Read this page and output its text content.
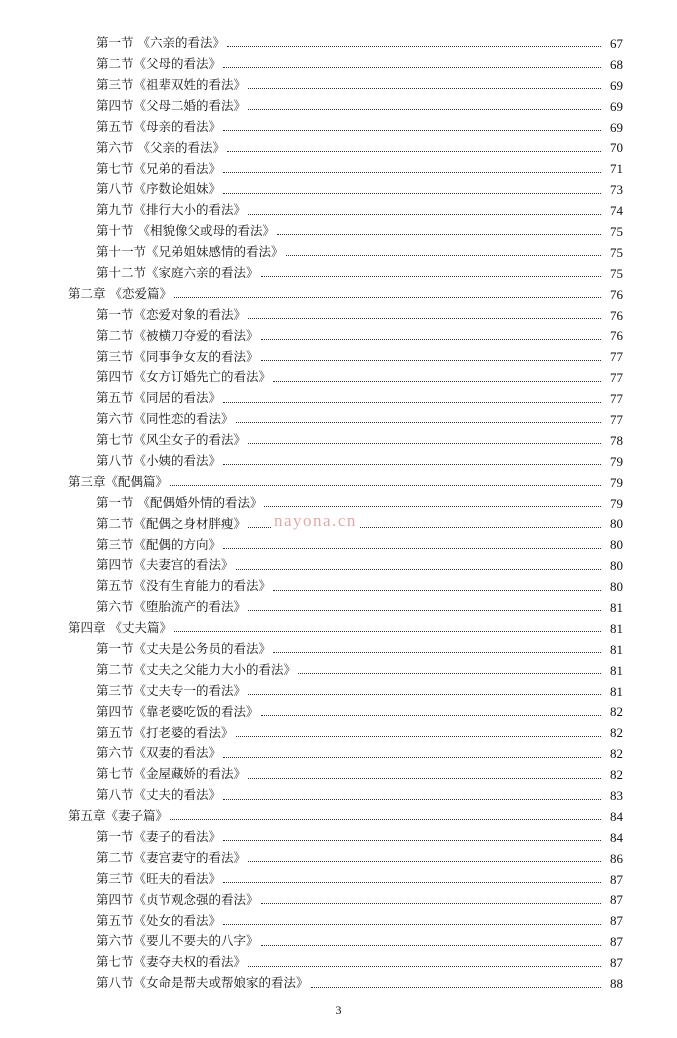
第一节 《六亲的看法》	67
第二节《父母的看法》	68
第三节《祖辈双姓的看法》	69
第四节《父母二婚的看法》	69
第五节《母亲的看法》	69
第六节 《父亲的看法》	70
第七节《兄弟的看法》	71
第八节《序数论姐妹》	73
第九节《排行大小的看法》	74
第十节 《相貌像父或母的看法》	75
第十一节《兄弟姐妹感情的看法》	75
第十二节《家庭六亲的看法》	75
第二章 《恋爱篇》	76
第一节《恋爱对象的看法》	76
第二节《被横刀夺爱的看法》	76
第三节《同事争女友的看法》	77
第四节《女方订婚先亡的看法》	77
第五节《同居的看法》	77
第六节《同性恋的看法》	77
第七节《风尘女子的看法》	78
第八节《小姨的看法》	79
第三章《配偶篇》	79
第一节 《配偶婚外情的看法》	79
第二节《配偶之身材胖瘦》	80
第三节《配偶的方向》	80
第四节《夫妻宫的看法》	80
第五节《没有生育能力的看法》	80
第六节《堕胎流产的看法》	81
第四章 《丈夫篇》	81
第一节《丈夫是公务员的看法》	81
第二节《丈夫之父能力大小的看法》	81
第三节《丈夫专一的看法》	81
第四节《靠老婆吃饭的看法》	82
第五节《打老婆的看法》	82
第六节《双妻的看法》	82
第七节《金屋藏娇的看法》	82
第八节《丈夫的看法》	83
第五章《妻子篇》	84
第一节《妻子的看法》	84
第二节《妻宫妻守的看法》	86
第三节《旺夫的看法》	87
第四节《贞节观念强的看法》	87
第五节《处女的看法》	87
第六节《要儿不要夫的八字》	87
第七节《妻夺夫权的看法》	87
第八节《女命是帮夫或帮娘家的看法》	88
nayona.cn
3
